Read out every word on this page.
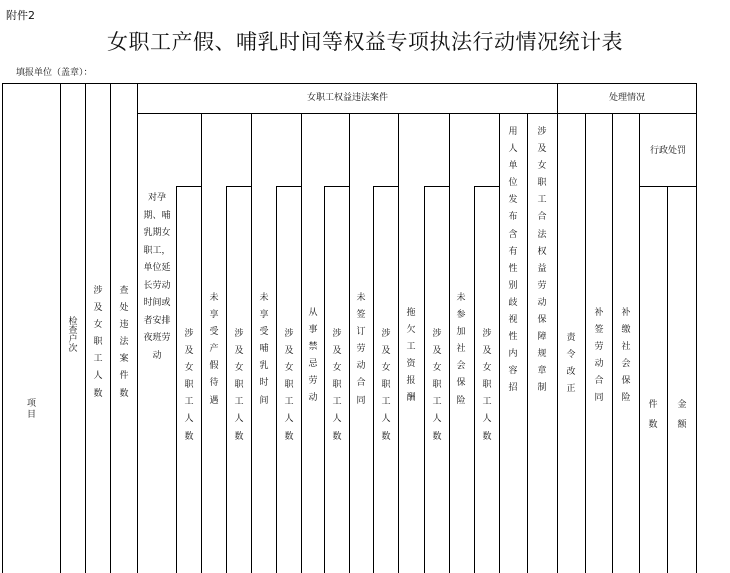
附件2
女职工产假、哺乳时间等权益专项执法行动情况统计表
填报单位（盖章）：
项目
检查户次
涉及女职工人数
查处违法案件数
女职工权益违法案件	处理情况
对孕期、哺乳期女职工，单位延长劳动时间或者安排夜班劳动
涉及女职工人数
未享受产假待遇
涉及女职工人数
未享受哺乳时间
涉及女职工人数
从事禁忌劳动
涉及女职工人数
未签订劳动合同
涉及女职工人数
拖欠工资报酬
涉及女职工人数
未参加社会保险
涉及女职工人数
用人单位发布含有性别歧视性内容招
涉及女职工合法权益劳动保障规章制
责令改正
补签劳动合同
补缴社会保险
行政处罚
件数
金额
